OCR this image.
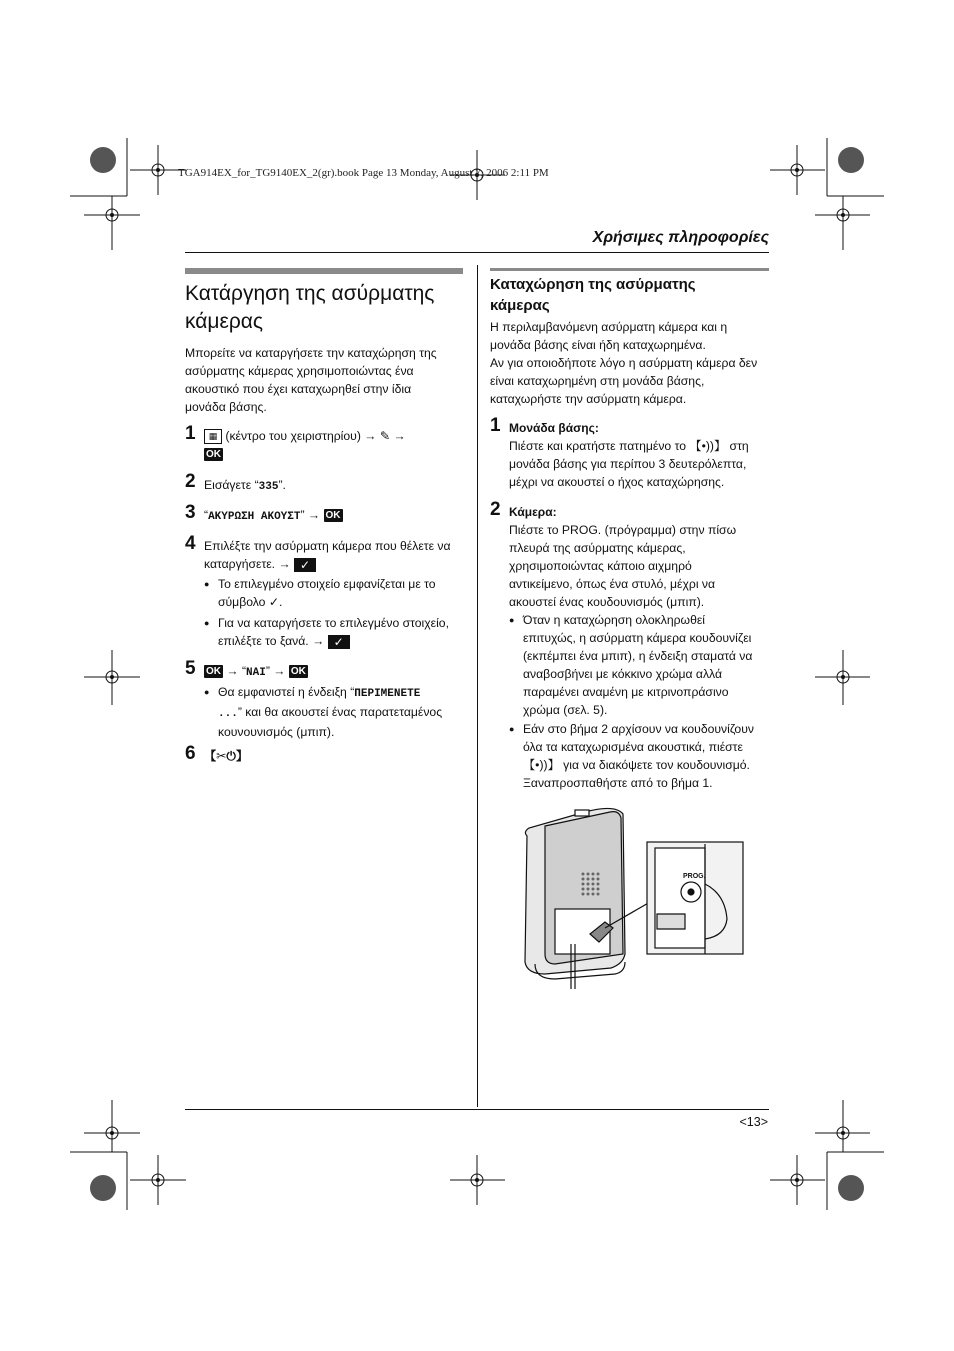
TGA914EX_for_TG9140EX_2(gr).book Page 13 Monday, August 7, 2006 2:11 PM
Χρήσιμες πληροφορίες
Κατάργηση της ασύρματης
κάμερας
Μπορείτε να καταργήσετε την καταχώρηση της
ασύρματης κάμερας χρησιμοποιώντας ένα
ακουστικό που έχει καταχωρηθεί στην ίδια
μονάδα βάσης.
1	▦ (κέντρο του χειριστηρίου) → ✎ →
OK
2 Εισάγετε “335”.
3 “ΑΚΥΡΩΣΗ ΑΚΟΥΣΤ” → OK
4 Επιλέξτε την ασύρματη κάμερα που θέλετε να
καταργήσετε. → ✓
● Το επιλεγμένο στοιχείο εμφανίζεται με το
σύμβολο ✓.
● Για να καταργήσετε το επιλεγμένο στοιχείο,
επιλέξτε το ξανά. → ✓
5 OK → “ΝΑΙ” → OK
● Θα εμφανιστεί η ένδειξη “ΠΕΡΙΜΕΝΕΤΕ
...” και θα ακουστεί ένας παρατεταμένος
κουνουνισμός (μπιπ).
6 【✂⏻】
Καταχώρηση της ασύρματης
κάμερας
Η περιλαμβανόμενη ασύρματη κάμερα και η
μονάδα βάσης είναι ήδη καταχωρημένα.
Αν για οποιοδήποτε λόγο η ασύρματη κάμερα δεν
είναι καταχωρημένη στη μονάδα βάσης,
καταχωρήστε την ασύρματη κάμερα.
1 Μονάδα βάσης:
Πιέστε και κρατήστε πατημένο το 【•))】 στη
μονάδα βάσης για περίπου 3 δευτερόλεπτα,
μέχρι να ακουστεί ο ήχος καταχώρησης.
2 Κάμερα:
Πιέστε το PROG. (πρόγραμμα) στην πίσω
πλευρά της ασύρματης κάμερας,
χρησιμοποιώντας κάποιο αιχμηρό
αντικείμενο, όπως ένα στυλό, μέχρι να
ακουστεί ένας κουδουνισμός (μπιπ).
● Όταν η καταχώρηση ολοκληρωθεί
επιτυχώς, η ασύρματη κάμερα κουδουνίζει
(εκπέμπει ένα μπιπ), η ένδειξη σταματά να
αναβοσβήνει με κόκκινο χρώμα αλλά
παραμένει αναμένη με κιτρινοπράσινο
χρώμα (σελ. 5).
● Εάν στο βήμα 2 αρχίσουν να κουδουνίζουν
όλα τα καταχωρισμένα ακουστικά, πιέστε
【•))】 για να διακόψετε τον κουδουνισμό.
Ξαναπροσπαθήστε από το βήμα 1.
PROG.
<13>
